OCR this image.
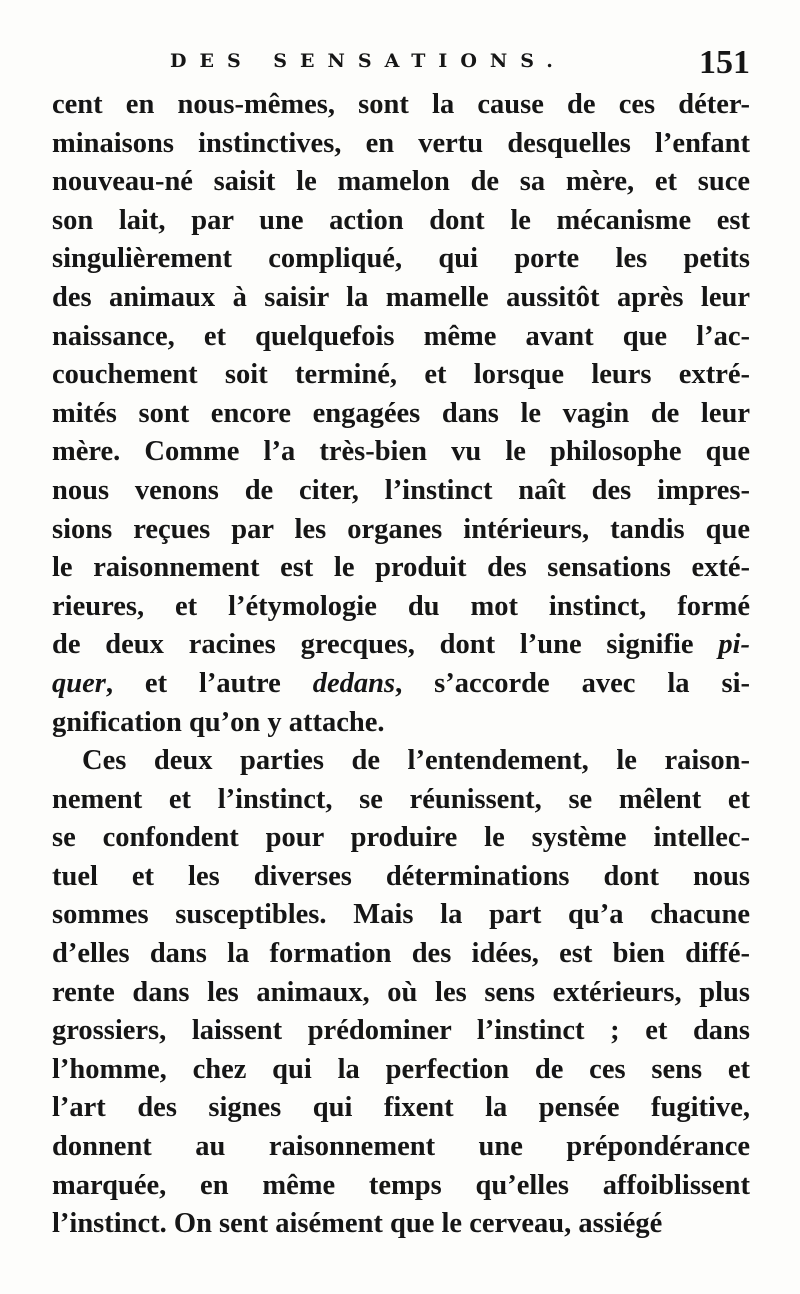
DES SENSATIONS.	151
cent en nous-mêmes, sont la cause de ces déter-
minaisons instinctives, en vertu desquelles l’enfant
nouveau-né saisit le mamelon de sa mère, et suce
son lait, par une action dont le mécanisme est
singulièrement compliqué, qui porte les petits
des animaux à saisir la mamelle aussitôt après leur
naissance, et quelquefois même avant que l’ac-
couchement soit terminé, et lorsque leurs extré-
mités sont encore engagées dans le vagin de leur
mère. Comme l’a très-bien vu le philosophe que
nous venons de citer, l’instinct naît des impres-
sions reçues par les organes intérieurs, tandis que
le raisonnement est le produit des sensations exté-
rieures, et l’étymologie du mot instinct, formé
de deux racines grecques, dont l’une signifie pi-
quer, et l’autre dedans, s’accorde avec la si-
gnification qu’on y attache.
Ces deux parties de l’entendement, le raison-
nement et l’instinct, se réunissent, se mêlent et
se confondent pour produire le système intellec-
tuel et les diverses déterminations dont nous
sommes susceptibles. Mais la part qu’a chacune
d’elles dans la formation des idées, est bien diffé-
rente dans les animaux, où les sens extérieurs, plus
grossiers, laissent prédominer l’instinct ; et dans
l’homme, chez qui la perfection de ces sens et
l’art des signes qui fixent la pensée fugitive,
donnent au raisonnement une prépondérance
marquée, en même temps qu’elles affoiblissent
l’instinct. On sent aisément que le cerveau, assiégé
